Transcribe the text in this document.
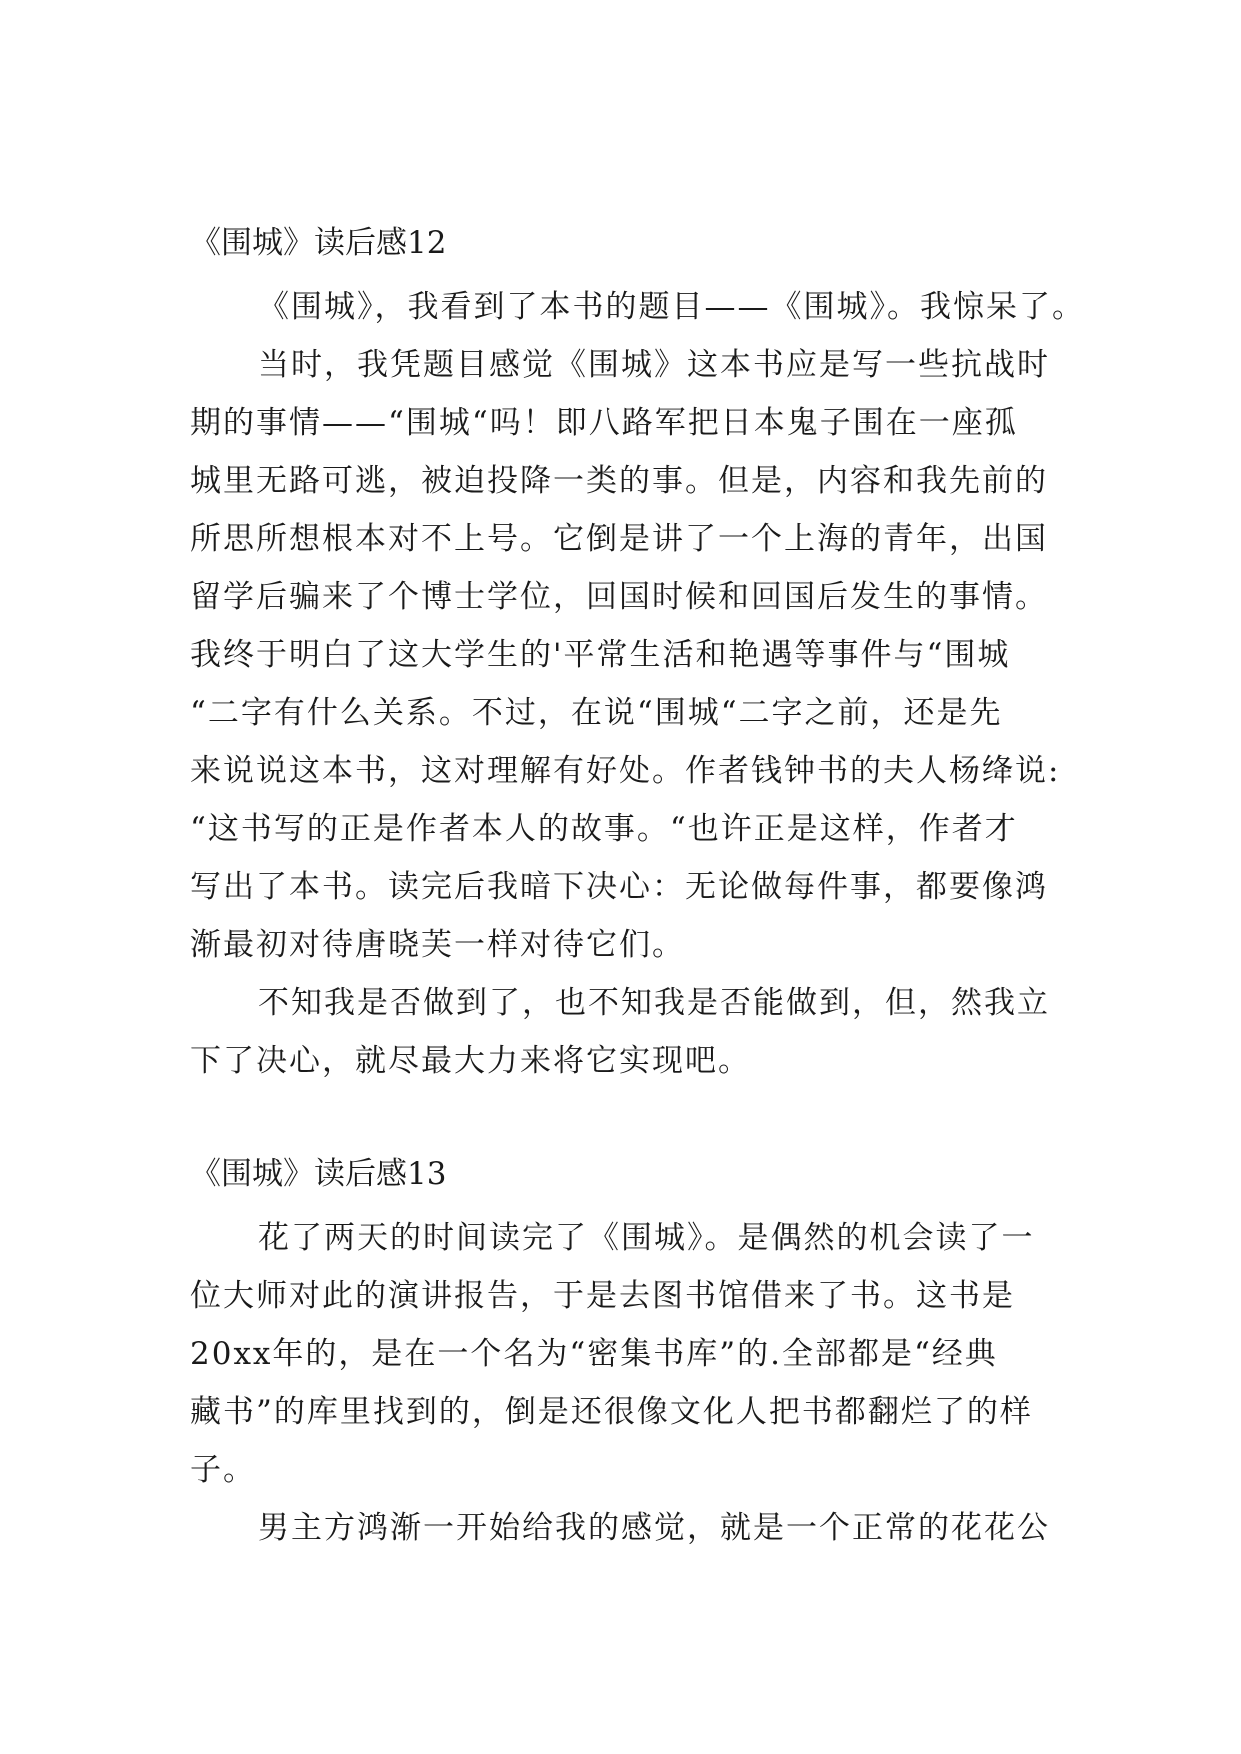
《围城》读后感12
《围城》，我看到了本书的题目——《围城》。我惊呆了。
当时，我凭题目感觉《围城》这本书应是写一些抗战时
期的事情——“围城“吗！即八路军把日本鬼子围在一座孤
城里无路可逃，被迫投降一类的事。但是，内容和我先前的
所思所想根本对不上号。它倒是讲了一个上海的青年，出国
留学后骗来了个博士学位，回国时候和回国后发生的事情。
我终于明白了这大学生的'平常生活和艳遇等事件与“围城
“二字有什么关系。不过，在说“围城“二字之前，还是先
来说说这本书，这对理解有好处。作者钱钟书的夫人杨绛说:
“这书写的正是作者本人的故事。“也许正是这样，作者才
写出了本书。读完后我暗下决心：无论做每件事，都要像鸿
渐最初对待唐晓芙一样对待它们。
不知我是否做到了，也不知我是否能做到，但，然我立
下了决心，就尽最大力来将它实现吧。
《围城》读后感13
花了两天的时间读完了《围城》。是偶然的机会读了一
位大师对此的演讲报告，于是去图书馆借来了书。这书是
20xx年的，是在一个名为“密集书库”的.全部都是“经典
藏书”的库里找到的，倒是还很像文化人把书都翻烂了的样
子。
男主方鸿渐一开始给我的感觉，就是一个正常的花花公
